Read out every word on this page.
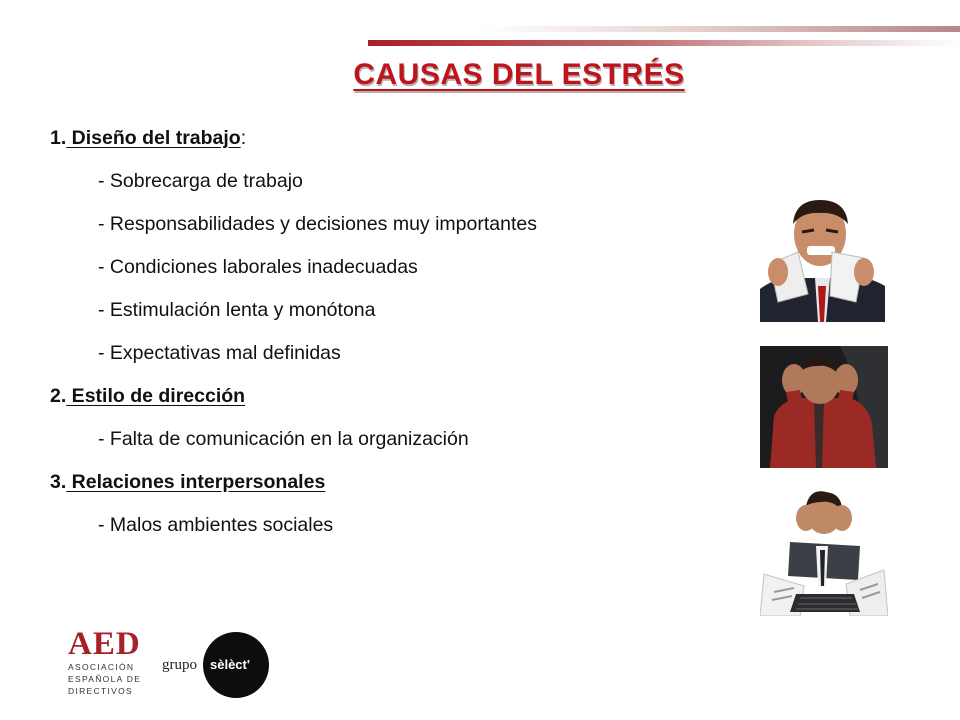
CAUSAS DEL ESTRÉS
1. Diseño del trabajo:
- Sobrecarga de trabajo
- Responsabilidades y decisiones muy importantes
- Condiciones laborales inadecuadas
- Estimulación lenta y monótona
- Expectativas mal definidas
2. Estilo de dirección
- Falta de comunicación en la organización
3. Relaciones interpersonales
- Malos ambientes sociales
AED
ASOCIACIÓN
ESPAÑOLA DE
DIRECTIVOS
grupo sèlèct'
